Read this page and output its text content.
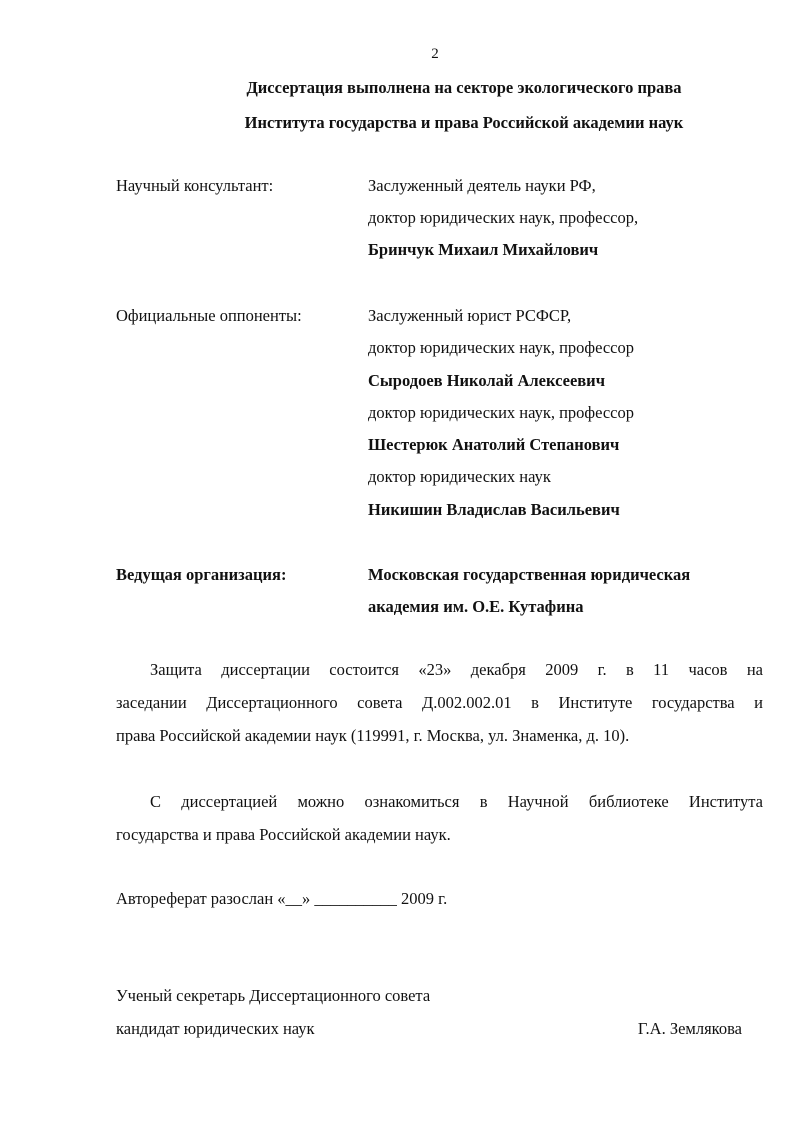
2
Диссертация выполнена на секторе экологического права
Института государства и права Российской академии наук
Научный консультант:	Заслуженный деятель науки РФ,
доктор юридических наук, профессор,
Бринчук Михаил Михайлович
Официальные оппоненты:	Заслуженный юрист РСФСР,
доктор юридических наук, профессор
Сыродоев Николай Алексеевич
доктор юридических наук, профессор
Шестерюк Анатолий Степанович
доктор юридических наук
Никишин Владислав Васильевич
Ведущая организация:	Московская государственная юридическая
академия им. О.Е. Кутафина
Защита диссертации состоится «23» декабря 2009 г. в 11 часов на
заседании Диссертационного совета Д.002.002.01 в Институте государства и
права Российской академии наук (119991, г. Москва, ул. Знаменка, д. 10).
С диссертацией можно ознакомиться в Научной библиотеке Института
государства и права Российской академии наук.
Автореферат разослан «__» __________ 2009 г.
Ученый секретарь Диссертационного совета
кандидат юридических наук	Г.А. Землякова
